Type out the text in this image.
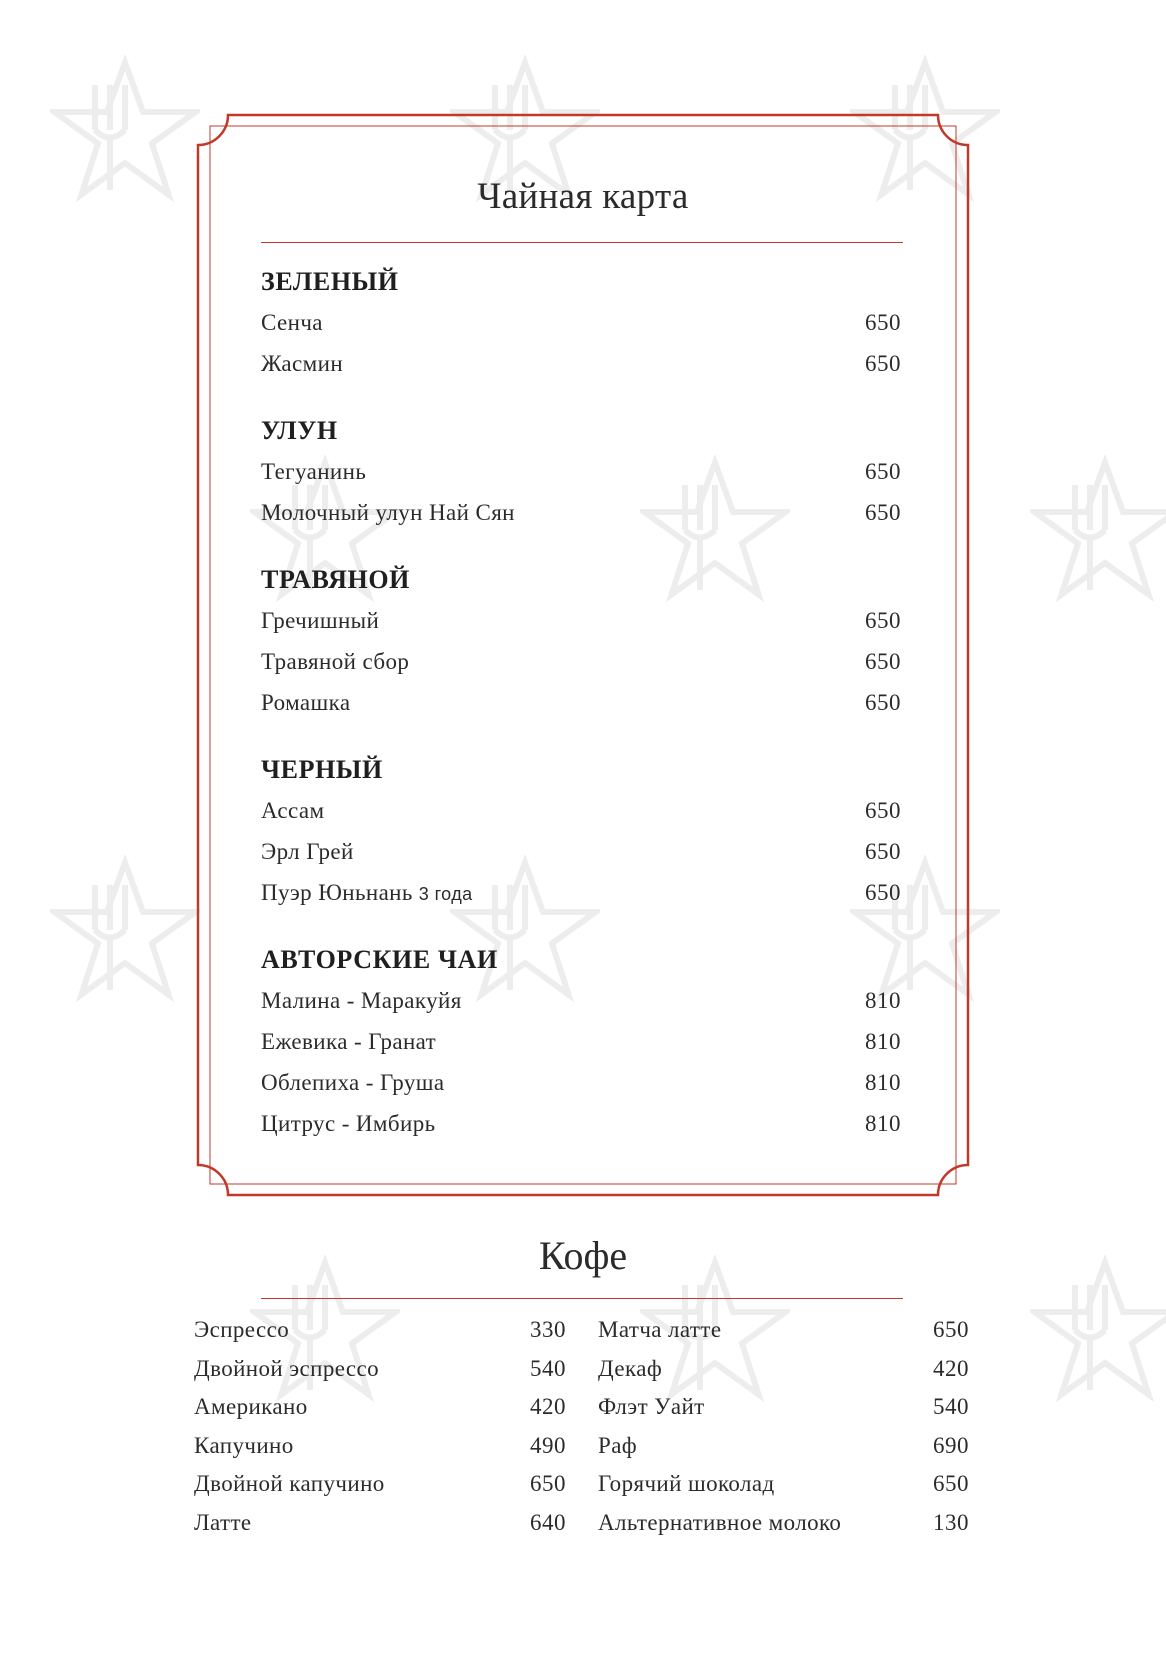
Чайная карта
ЗЕЛЕНЫЙ
Сенча	650
Жасмин	650
УЛУН
Тегуанинь	650
Молочный улун Най Сян	650
ТРАВЯНОЙ
Гречишный	650
Травяной сбор	650
Ромашка	650
ЧЕРНЫЙ
Ассам	650
Эрл Грей	650
Пуэр Юньнань 3 года	650
АВТОРСКИЕ ЧАИ
Малина - Маракуйя	810
Ежевика - Гранат	810
Облепиха - Груша	810
Цитрус - Имбирь	810
Кофе
Эспрессо	330
Двойной эспрессо	540
Американо	420
Капучино	490
Двойной капучино	650
Латте	640
Матча латте	650
Декаф	420
Флэт Уайт	540
Раф	690
Горячий шоколад	650
Альтернативное молоко	130
